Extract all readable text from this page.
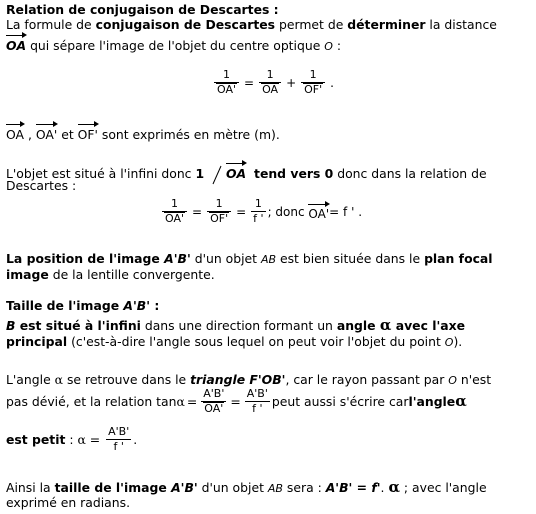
Relation de conjugaison de Descartes :
La formule de conjugaison de Descartes permet de déterminer la distance
OA qui sépare l'image de l'objet du centre optique O :
$\frac{1}{OA'} = \frac{1}{OA} + \frac{1}{OF'}$ .
OA , OA' et OF' sont exprimés en mètre (m).
L'objet est situé à l'infini donc 1 OA tend vers 0 donc dans la relation de
Descartes :
$\frac{1}{OA'} = \frac{1}{OF'} = \frac{1}{f '}$ ; donc
OA' = f ' .
La position de l'image A'B' d'un objet AB est bien située dans le plan focal
image de la lentille convergente.
Taille de l'image A'B' :
B est situé à l'infini dans une direction formant un angle α avec l'axe
principal (c'est-à-dire l'angle sous lequel on peut voir l'objet du point O).
L'angle α se retrouve dans le triangle F'OB', car le rayon passant par O n'est
pas dévié, et la relation $\tan \alpha = \frac{A'B'}{OA'} = \frac{A'B'}{f '}$ peut aussi s'écrire car l'angle α
est petit : $\alpha = \frac{A'B'}{f '}$ .
Ainsi la taille de l'image A'B' d'un objet AB sera : A'B' = f'. α ; avec l'angle
exprimé en radians.
